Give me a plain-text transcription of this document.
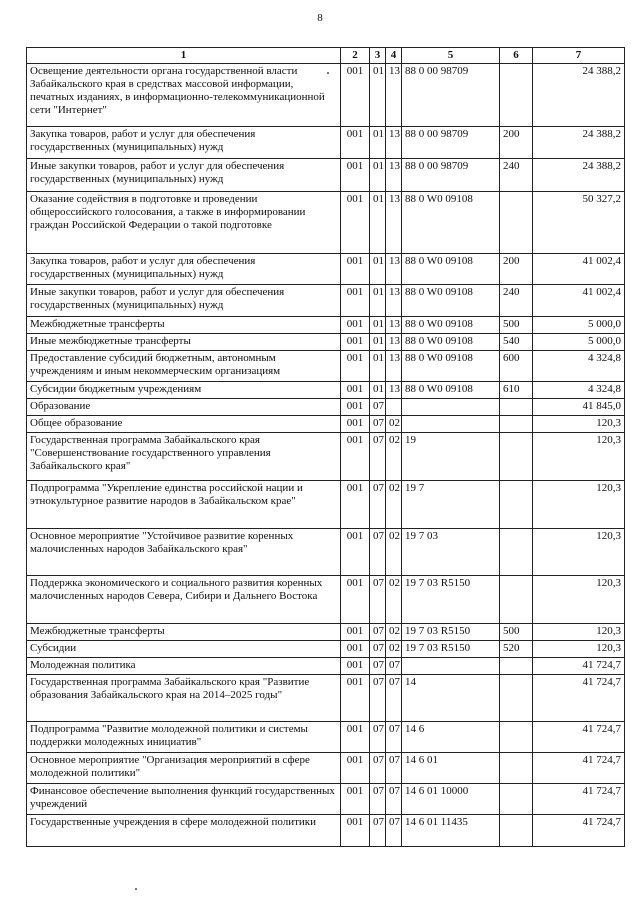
8
1	2	3	4	5	6	7
Освещение деятельности органа государственной власти Забайкальского края в средствах массовой информации, печатных изданиях, в информационно-телекоммуникационной сети "Интернет"	001	01	13	88 0 00 98709		24 388,2
Закупка товаров, работ и услуг для обеспечения государственных (муниципальных) нужд	001	01	13	88 0 00 98709	200	24 388,2
Иные закупки товаров, работ и услуг для обеспечения государственных (муниципальных) нужд	001	01	13	88 0 00 98709	240	24 388,2
Оказание содействия в подготовке и проведении общероссийского голосования, а также в информировании граждан Российской Федерации о такой подготовке	001	01	13	88 0 W0 09108		50 327,2
Закупка товаров, работ и услуг для обеспечения государственных (муниципальных) нужд	001	01	13	88 0 W0 09108	200	41 002,4
Иные закупки товаров, работ и услуг для обеспечения государственных (муниципальных) нужд	001	01	13	88 0 W0 09108	240	41 002,4
Межбюджетные трансферты	001	01	13	88 0 W0 09108	500	5 000,0
Иные межбюджетные трансферты	001	01	13	88 0 W0 09108	540	5 000,0
Предоставление субсидий бюджетным, автономным учреждениям и иным некоммерческим организациям	001	01	13	88 0 W0 09108	600	4 324,8
Субсидии бюджетным учреждениям	001	01	13	88 0 W0 09108	610	4 324,8
Образование	001	07				41 845,0
Общее образование	001	07	02			120,3
Государственная программа Забайкальского края "Совершенствование государственного управления Забайкальского края"	001	07	02	19		120,3
Подпрограмма "Укрепление единства российской нации и этнокультурное развитие народов в Забайкальском крае"	001	07	02	19 7		120,3
Основное мероприятие "Устойчивое развитие коренных малочисленных народов Забайкальского края"	001	07	02	19 7 03		120,3
Поддержка экономического и социального развития коренных малочисленных народов Севера, Сибири и Дальнего Востока	001	07	02	19 7 03 R5150		120,3
Межбюджетные трансферты	001	07	02	19 7 03 R5150	500	120,3
Субсидии	001	07	02	19 7 03 R5150	520	120,3
Молодежная политика	001	07	07			41 724,7
Государственная программа Забайкальского края "Развитие образования Забайкальского края на 2014–2025 годы"	001	07	07	14		41 724,7
Подпрограмма "Развитие молодежной политики и системы поддержки молодежных инициатив"	001	07	07	14 6		41 724,7
Основное мероприятие "Организация мероприятий в сфере молодежной политики"	001	07	07	14 6 01		41 724,7
Финансовое обеспечение выполнения функций государственных учреждений	001	07	07	14 6 01 10000		41 724,7
Государственные учреждения в сфере молодежной политики	001	07	07	14 6 01 11435		41 724,7
